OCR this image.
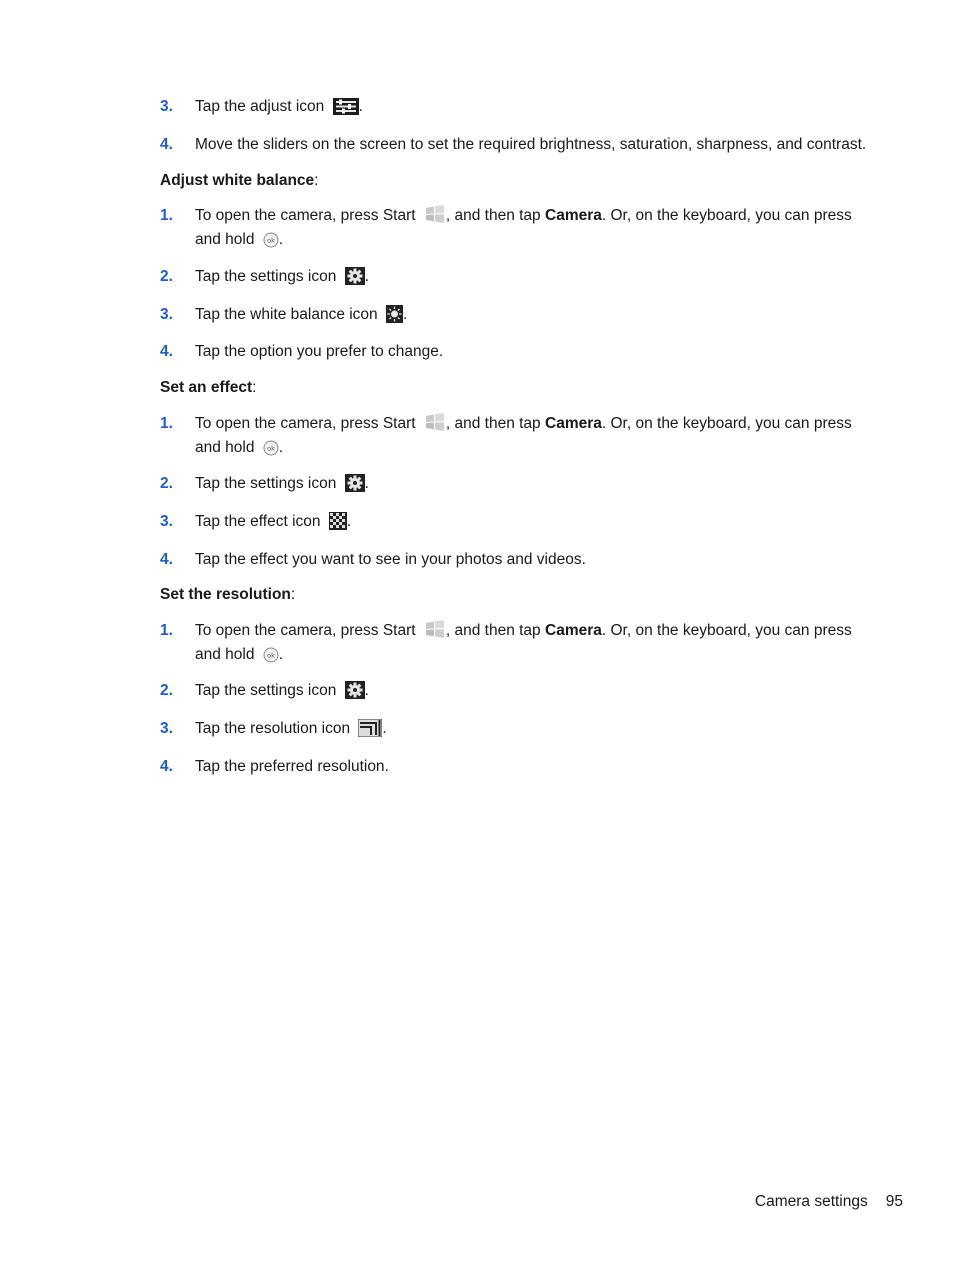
3.	Tap the adjust icon .
4.	Move the sliders on the screen to set the required brightness, saturation, sharpness, and contrast.
Adjust white balance:
1.	To open the camera, press Start , and then tap Camera. Or, on the keyboard, you can press and hold ok .
2.	Tap the settings icon .
3.	Tap the white balance icon .
4.	Tap the option you prefer to change.
Set an effect:
1.	To open the camera, press Start , and then tap Camera. Or, on the keyboard, you can press and hold ok .
2.	Tap the settings icon .
3.	Tap the effect icon .
4.	Tap the effect you want to see in your photos and videos.
Set the resolution:
1.	To open the camera, press Start , and then tap Camera. Or, on the keyboard, you can press and hold ok .
2.	Tap the settings icon .
3.	Tap the resolution icon .
4.	Tap the preferred resolution.
Camera settings 95
